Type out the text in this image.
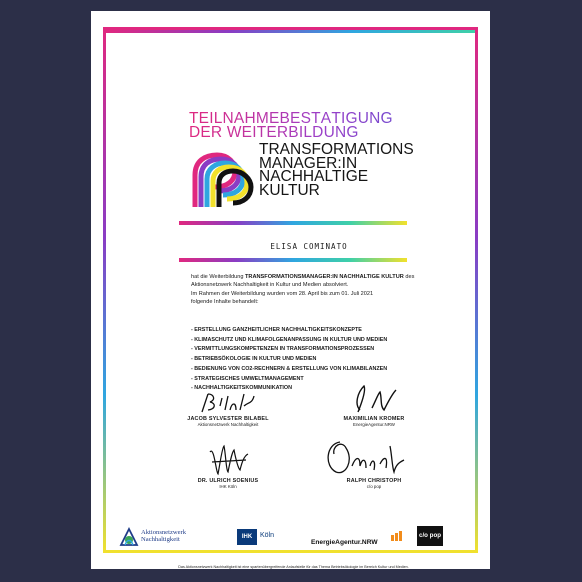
TEILNAHMEBESTÄTIGUNG
DER WEITERBILDUNG
TRANSFORMATIONS
MANAGER:IN
NACHHALTIGE
KULTUR
ELISA COMINATO
hat die Weiterbildung TRANSFORMATIONSMANAGER:IN NACHHALTIGE KULTUR des Aktionsnetzwerk Nachhaltigkeit in Kultur und Medien absolviert.
Im Rahmen der Weiterbildung wurden vom 28. April bis zum 01. Juli 2021
folgende Inhalte behandelt:
- ERSTELLUNG GANZHEITLICHER NACHHALTIGKEITSKONZEPTE
- KLIMASCHUTZ UND KLIMAFOLGENANPASSUNG IN KULTUR UND MEDIEN
- VERMITTLUNGSKOMPETENZEN IN TRANSFORMATIONSPROZESSEN
- BETRIEBSÖKOLOGIE IN KULTUR UND MEDIEN
- BEDIENUNG VON CO2-RECHNERN & ERSTELLUNG VON KLIMABILANZEN
- STRATEGISCHES UMWELTMANAGEMENT
- NACHHALTIGKEITSKOMMUNIKATION
JACOB SYLVESTER BILABEL
Aktionsnetzwerk Nachhaltigkeit
MAXIMILIAN KROMER
EnergieAgentur.NRW
DR. ULRICH SOENIUS
IHK Köln
RALPH CHRISTOPH
c/o pop
Aktionsnetzwerk
Nachhaltigkeit	IHK	Köln
EnergieAgentur.NRW
c/o pop
Das Aktionsnetzwerk Nachhaltigkeit ist eine spartenübergreifende Anlaufstelle für das Thema Betriebsökologie im Bereich Kultur und Medien.
